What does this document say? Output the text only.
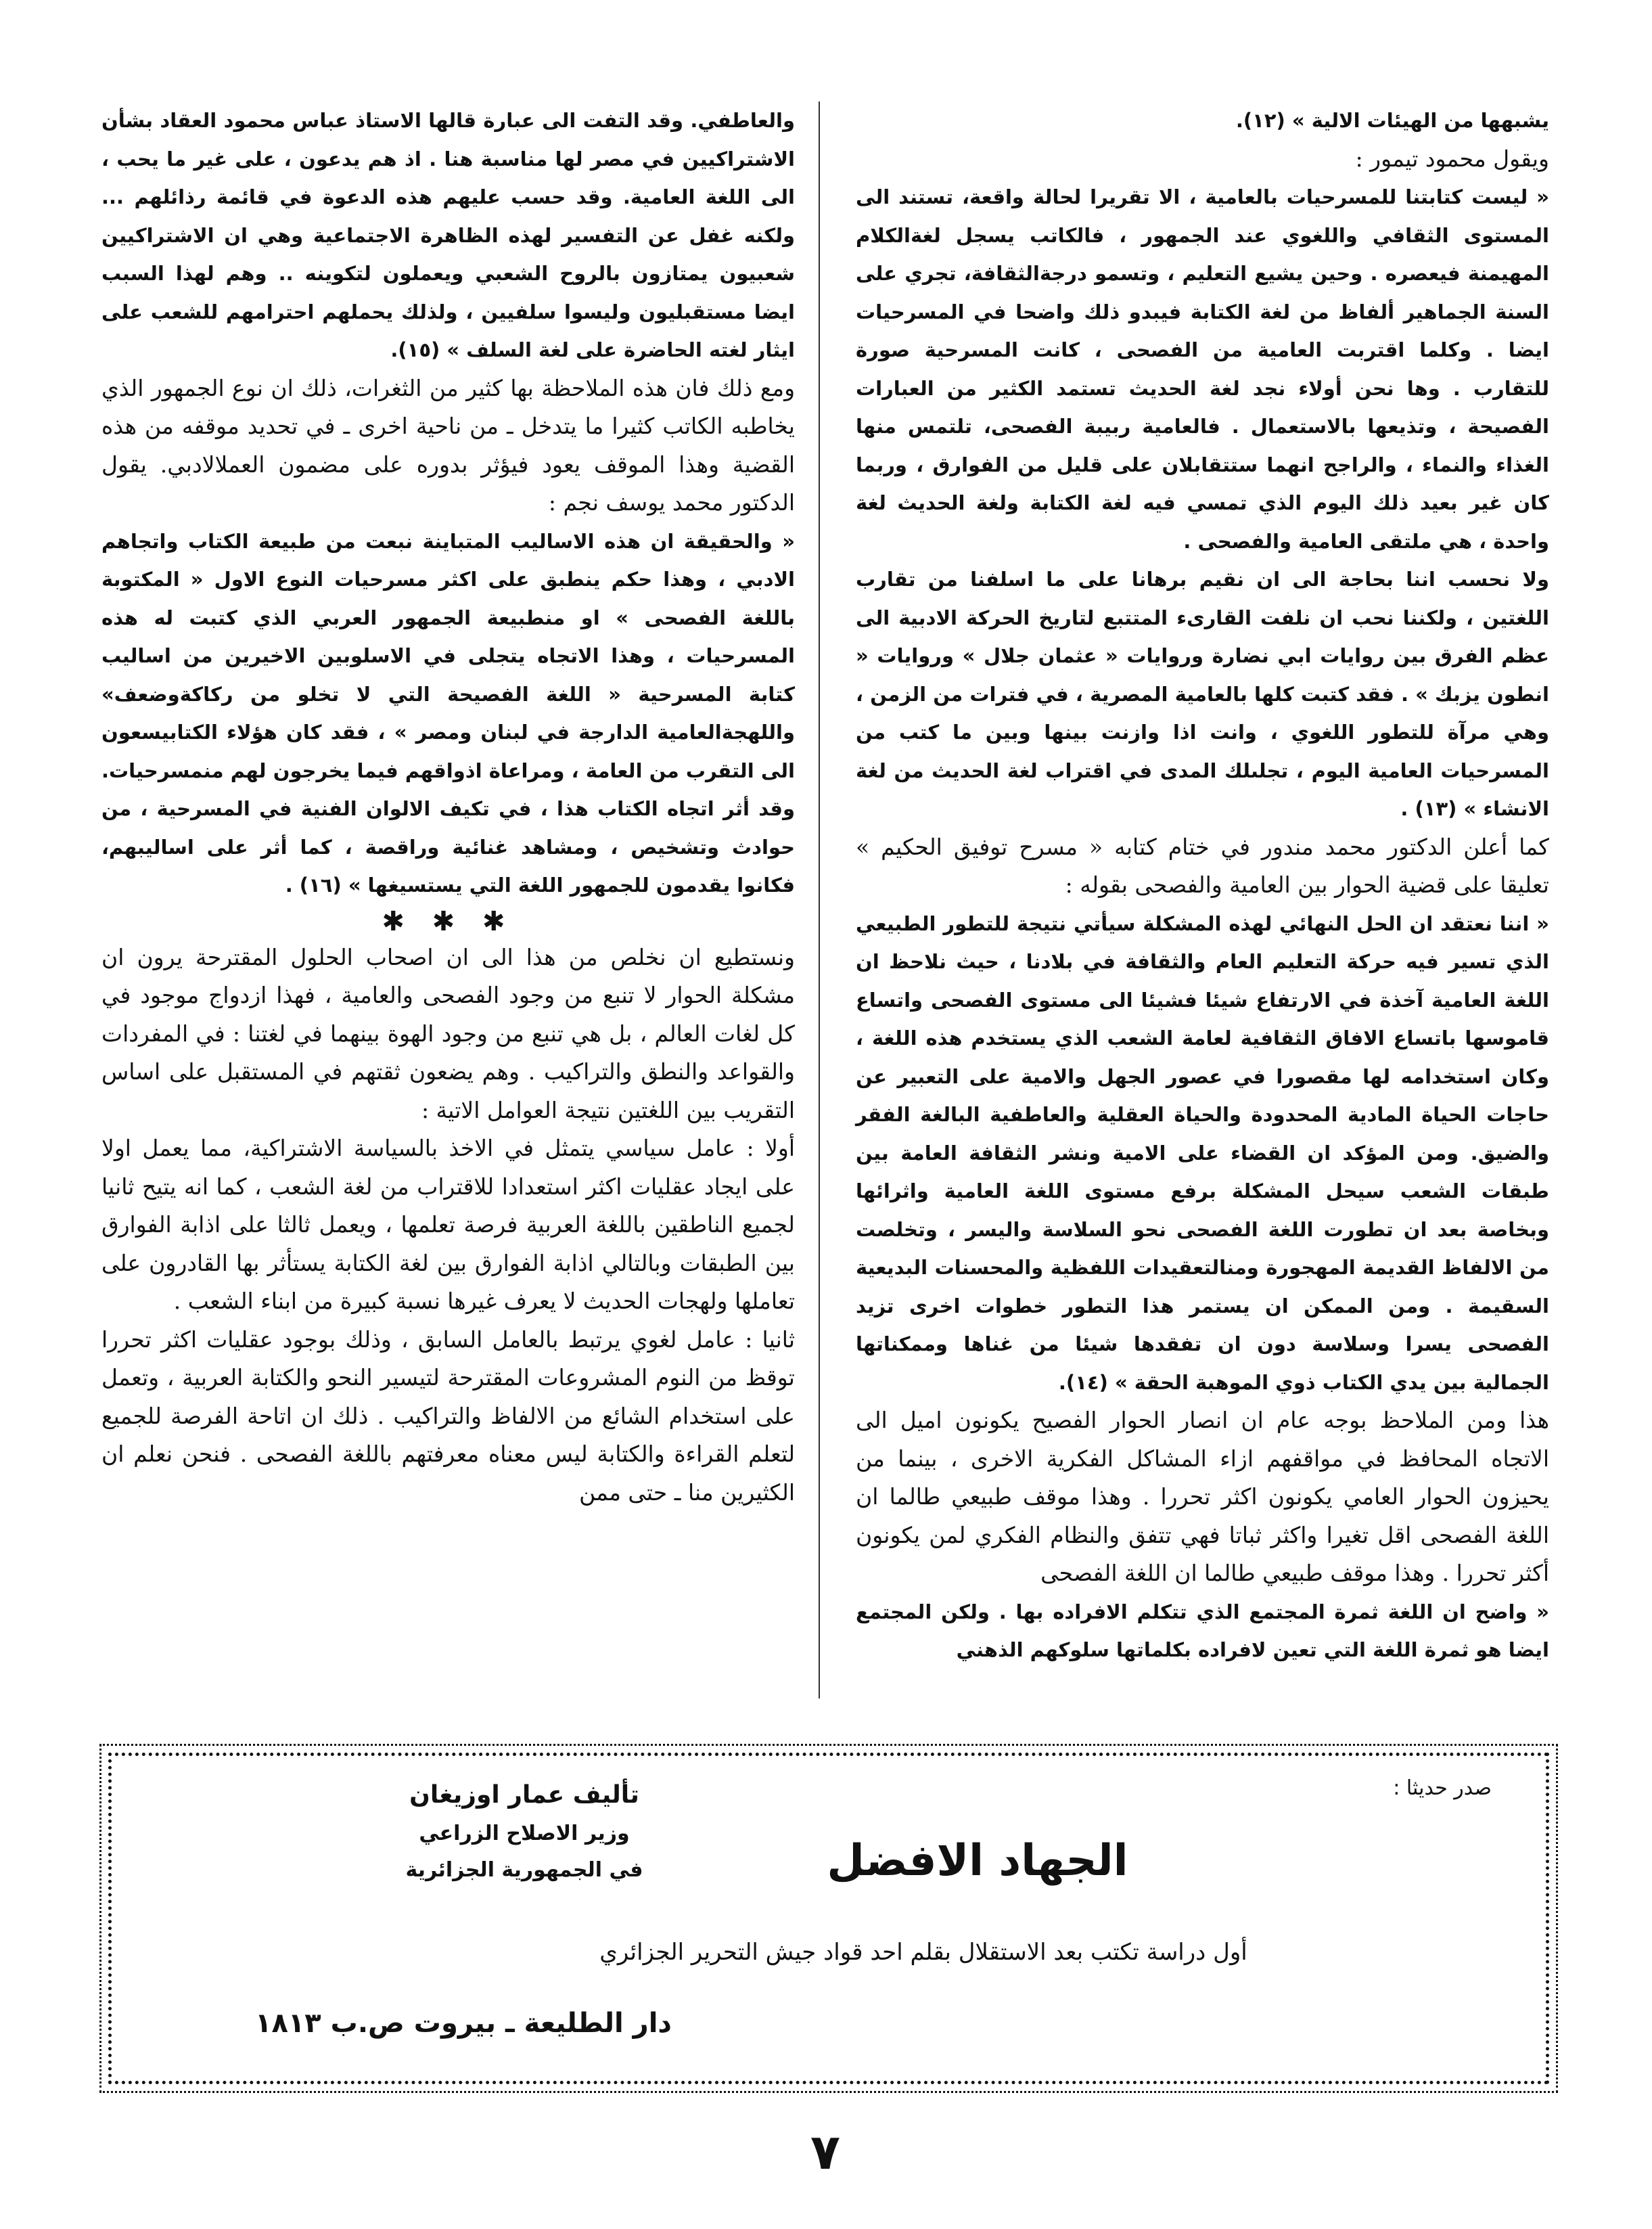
يشبهها من الهيئات الالية » (١٢).

ويقول محمود تيمور :

« ليست كتابتنا للمسرحيات بالعامية ، الا تقريرا لحالة واقعة، تستند الى المستوى الثقافي واللغوي عند الجمهور ، فالكاتب يسجل لغةالكلام المهيمنة فيعصره . وحين يشيع التعليم ، وتسمو درجةالثقافة، تجري على السنة الجماهير ألفاظ من لغة الكتابة فيبدو ذلك واضحا في المسرحيات ايضا . وكلما اقتربت العامية من الفصحى ، كانت المسرحية صورة للتقارب . وها نحن أولاء نجد لغة الحديث تستمد الكثير من العبارات الفصيحة ، وتذيعها بالاستعمال . فالعامية ربيبة الفصحى، تلتمس منها الغذاء والنماء ، والراجح انهما ستتقابلان على قليل من الفوارق ، وربما كان غير بعيد ذلك اليوم الذي تمسي فيه لغة الكتابة ولغة الحديث لغة واحدة ، هي ملتقى العامية والفصحى .

ولا نحسب اننا بحاجة الى ان نقيم برهانا على ما اسلفنا من تقارب اللغتين ، ولكننا نحب ان نلفت القارىء المتتبع لتاريخ الحركة الادبية الى عظم الفرق بين روايات ابي نضارة وروايات « عثمان جلال » وروايات « انطون يزبك » . فقد كتبت كلها بالعامية المصرية ، في فترات من الزمن ، وهي مرآة للتطور اللغوي ، وانت اذا وازنت بينها وبين ما كتب من المسرحيات العامية اليوم ، تجلىلك المدى في اقتراب لغة الحديث من لغة الانشاء » (١٣) .

كما أعلن الدكتور محمد مندور في ختام كتابه « مسرح توفيق الحكيم » تعليقا على قضية الحوار بين العامية والفصحى بقوله :

« اننا نعتقد ان الحل النهائي لهذه المشكلة سيأتي نتيجة للتطور الطبيعي الذي تسير فيه حركة التعليم العام والثقافة في بلادنا ، حيث نلاحظ ان اللغة العامية آخذة في الارتفاع شيئا فشيئا الى مستوى الفصحى واتساع قاموسها باتساع الافاق الثقافية لعامة الشعب الذي يستخدم هذه اللغة ، وكان استخدامه لها مقصورا في عصور الجهل والامية على التعبير عن حاجات الحياة المادية المحدودة والحياة العقلية والعاطفية البالغة الفقر والضيق. ومن المؤكد ان القضاء على الامية ونشر الثقافة العامة بين طبقات الشعب سيحل المشكلة برفع مستوى اللغة العامية واثرائها وبخاصة بعد ان تطورت اللغة الفصحى نحو السلاسة واليسر ، وتخلصت من الالفاظ القديمة المهجورة ومنالتعقيدات اللفظية والمحسنات البديعية السقيمة . ومن الممكن ان يستمر هذا التطور خطوات اخرى تزيد الفصحى يسرا وسلاسة دون ان تفقدها شيئا من غناها وممكناتها الجمالية بين يدي الكتاب ذوي الموهبة الحقة » (١٤).

هذا ومن الملاحظ بوجه عام ان انصار الحوار الفصيح يكونون اميل الى الاتجاه المحافظ في مواقفهم ازاء المشاكل الفكرية الاخرى ، بينما من يحيزون الحوار العامي يكونون اكثر تحررا . وهذا موقف طبيعي طالما ان اللغة الفصحى اقل تغيرا واكثر ثباتا فهي تتفق والنظام الفكري لمن يكونون أكثر تحررا . وهذا موقف طبيعي طالما ان اللغة الفصحى

« واضح ان اللغة ثمرة المجتمع الذي تتكلم الافراده بها . ولكن المجتمع ايضا هو ثمرة اللغة التي تعين لافراده بكلماتها سلوكهم الذهني

والعاطفي. وقد التفت الى عبارة قالها الاستاذ عباس محمود العقاد بشأن الاشتراكيين في مصر لها مناسبة هنا . اذ هم يدعون ، على غير ما يحب ، الى اللغة العامية. وقد حسب عليهم هذه الدعوة في قائمة رذائلهم ... ولكنه غفل عن التفسير لهذه الظاهرة الاجتماعية وهي ان الاشتراكيين شعبيون يمتازون بالروح الشعبي ويعملون لتكوينه .. وهم لهذا السبب ايضا مستقبليون وليسوا سلفيين ، ولذلك يحملهم احترامهم للشعب على ايثار لغته الحاضرة على لغة السلف » (١٥).

ومع ذلك فان هذه الملاحظة بها كثير من الثغرات، ذلك ان نوع الجمهور الذي يخاطبه الكاتب كثيرا ما يتدخل ـ من ناحية اخرى ـ في تحديد موقفه من هذه القضية وهذا الموقف يعود فيؤثر بدوره على مضمون العملالادبي. يقول الدكتور محمد يوسف نجم :

« والحقيقة ان هذه الاساليب المتباينة نبعت من طبيعة الكتاب واتجاهم الادبي ، وهذا حكم ينطبق على اكثر مسرحيات النوع الاول « المكتوبة باللغة الفصحى » او منطبيعة الجمهور العربي الذي كتبت له هذه المسرحيات ، وهذا الاتجاه يتجلى في الاسلوبين الاخيرين من اساليب كتابة المسرحية « اللغة الفصيحة التي لا تخلو من ركاكةوضعف» واللهجةالعامية الدارجة في لبنان ومصر » ، فقد كان هؤلاء الكتابيسعون الى التقرب من العامة ، ومراعاة اذواقهم فيما يخرجون لهم منمسرحيات. وقد أثر اتجاه الكتاب هذا ، في تكيف الالوان الفنية في المسرحية ، من حوادث وتشخيص ، ومشاهد غنائية وراقصة ، كما أثر على اساليبهم، فكانوا يقدمون للجمهور اللغة التي يستسيغها » (١٦) .

✱ ✱ ✱

ونستطيع ان نخلص من هذا الى ان اصحاب الحلول المقترحة يرون ان مشكلة الحوار لا تنبع من وجود الفصحى والعامية ، فهذا ازدواج موجود في كل لغات العالم ، بل هي تنبع من وجود الهوة بينهما في لغتنا : في المفردات والقواعد والنطق والتراكيب . وهم يضعون ثقتهم في المستقبل على اساس التقريب بين اللغتين نتيجة العوامل الاتية :

أولا : عامل سياسي يتمثل في الاخذ بالسياسة الاشتراكية، مما يعمل اولا على ايجاد عقليات اكثر استعدادا للاقتراب من لغة الشعب ، كما انه يتيح ثانيا لجميع الناطقين باللغة العربية فرصة تعلمها ، ويعمل ثالثا على اذابة الفوارق بين الطبقات وبالتالي اذابة الفوارق بين لغة الكتابة يستأثر بها القادرون على تعاملها ولهجات الحديث لا يعرف غيرها نسبة كبيرة من ابناء الشعب .

ثانيا : عامل لغوي يرتبط بالعامل السابق ، وذلك بوجود عقليات اكثر تحررا توقظ من النوم المشروعات المقترحة لتيسير النحو والكتابة العربية ، وتعمل على استخدام الشائع من الالفاظ والتراكيب . ذلك ان اتاحة الفرصة للجميع لتعلم القراءة والكتابة ليس معناه معرفتهم باللغة الفصحى . فنحن نعلم ان الكثيرين منا ـ حتى ممن

صدر حديثا :
تأليف عمار اوزيغان
وزير الاصلاح الزراعي
في الجمهورية الجزائرية	الجهاد الافضل
أول دراسة تكتب بعد الاستقلال بقلم احد قواد جيش التحرير الجزائري
دار الطليعة ـ بيروت ص.ب ١٨١٣
٧
